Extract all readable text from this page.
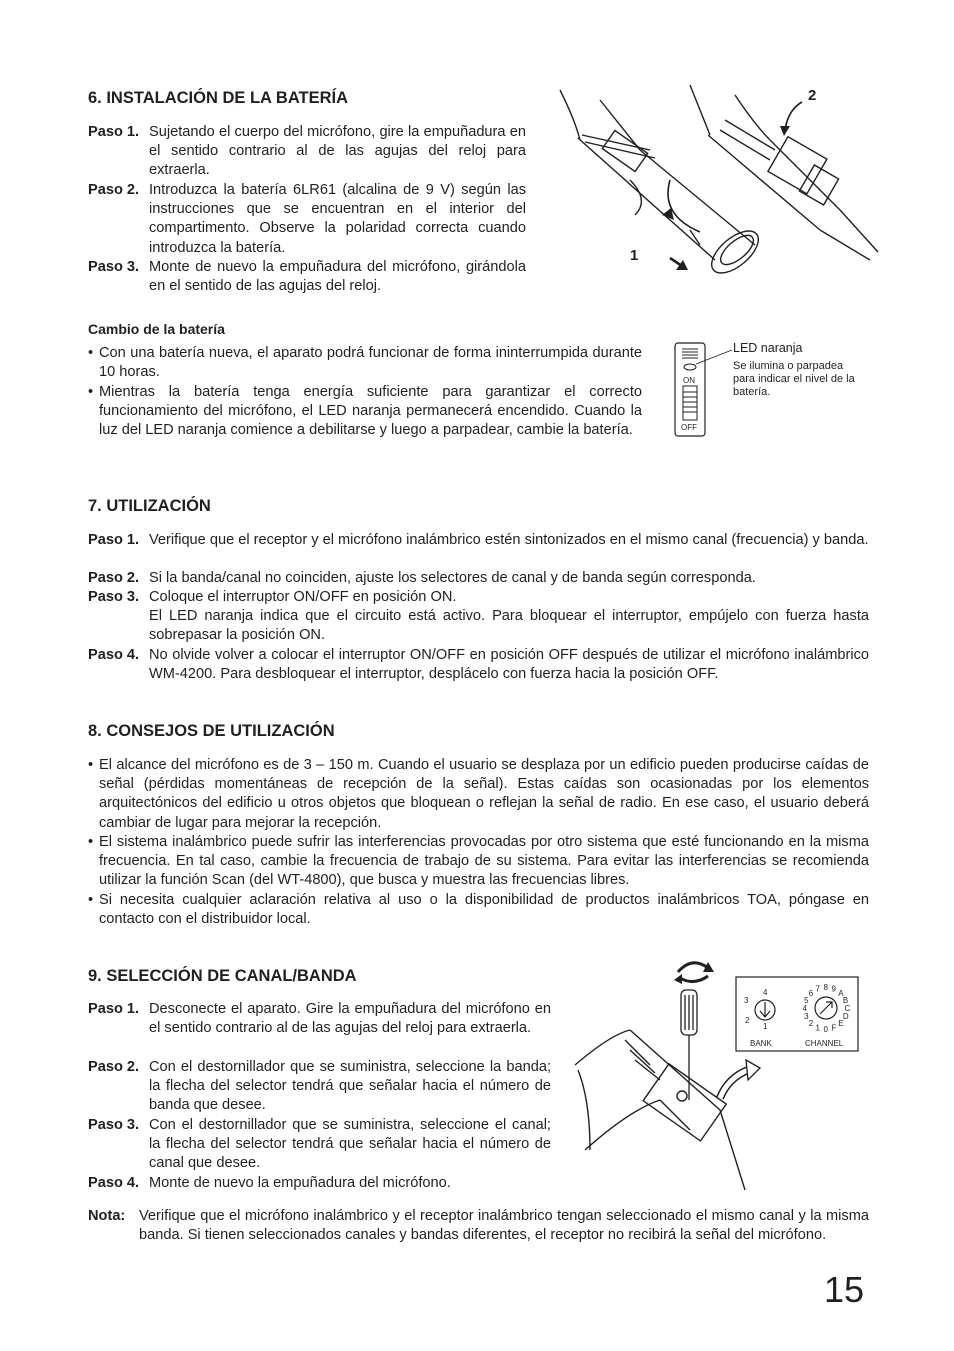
6. INSTALACIÓN DE LA BATERÍA
Paso 1. Sujetando el cuerpo del micrófono, gire la empuñadura en el sentido contrario al de las agujas del reloj para extraerla.
Paso 2. Introduzca la batería 6LR61 (alcalina de 9 V) según las instrucciones que se encuentran en el interior del compartimento. Observe la polaridad correcta cuando introduzca la batería.
Paso 3. Monte de nuevo la empuñadura del micrófono, girándola en el sentido de las agujas del reloj.
1
2
Cambio de la batería
• Con una batería nueva, el aparato podrá funcionar de forma ininterrumpida durante 10 horas.
• Mientras la batería tenga energía suficiente para garantizar el correcto funcionamiento del micrófono, el LED naranja permanecerá encendido. Cuando la luz del LED naranja comience a debilitarse y luego a parpadear, cambie la batería.
ON
OFF
LED naranja
Se ilumina o parpadea para indicar el nivel de la batería.
7. UTILIZACIÓN
Paso 1. Verifique que el receptor y el micrófono inalámbrico estén sintonizados en el mismo canal (frecuencia) y banda.
Paso 2. Si la banda/canal no coinciden, ajuste los selectores de canal y de banda según corresponda.
Paso 3. Coloque el interruptor ON/OFF en posición ON.
El LED naranja indica que el circuito está activo. Para bloquear el interruptor, empújelo con fuerza hasta sobrepasar la posición ON.
Paso 4. No olvide volver a colocar el interruptor ON/OFF en posición OFF después de utilizar el micrófono inalámbrico WM-4200. Para desbloquear el interruptor, desplácelo con fuerza hacia la posición OFF.
8. CONSEJOS DE UTILIZACIÓN
• El alcance del micrófono es de 3 – 150 m. Cuando el usuario se desplaza por un edificio pueden producirse caídas de señal (pérdidas momentáneas de recepción de la señal). Estas caídas son ocasionadas por los elementos arquitectónicos del edificio u otros objetos que bloquean o reflejan la señal de radio. En ese caso, el usuario deberá cambiar de lugar para mejorar la recepción.
• El sistema inalámbrico puede sufrir las interferencias provocadas por otro sistema que esté funcionando en la misma frecuencia. En tal caso, cambie la frecuencia de trabajo de su sistema. Para evitar las interferencias se recomienda utilizar la función Scan (del WT-4800), que busca y muestra las frecuencias libres.
• Si necesita cualquier aclaración relativa al uso o la disponibilidad de productos inalámbricos TOA, póngase en contacto con el distribuidor local.
9. SELECCIÓN DE CANAL/BANDA
Paso 1. Desconecte el aparato. Gire la empuñadura del micrófono en el sentido contrario al de las agujas del reloj para extraerla.
Paso 2. Con el destornillador que se suministra, seleccione la banda; la flecha del selector tendrá que señalar hacia el número de banda que desee.
Paso 3. Con el destornillador que se suministra, seleccione el canal; la flecha del selector tendrá que señalar hacia el número de canal que desee.
Paso 4. Monte de nuevo la empuñadura del micrófono.
1
2
3
4
0
1
2
3
4
5
6
7 8 9
A
B
C
D
E
F
BANK	CHANNEL
Nota: Verifique que el micrófono inalámbrico y el receptor inalámbrico tengan seleccionado el mismo canal y la misma banda. Si tienen seleccionados canales y bandas diferentes, el receptor no recibirá la señal del micrófono.
15
